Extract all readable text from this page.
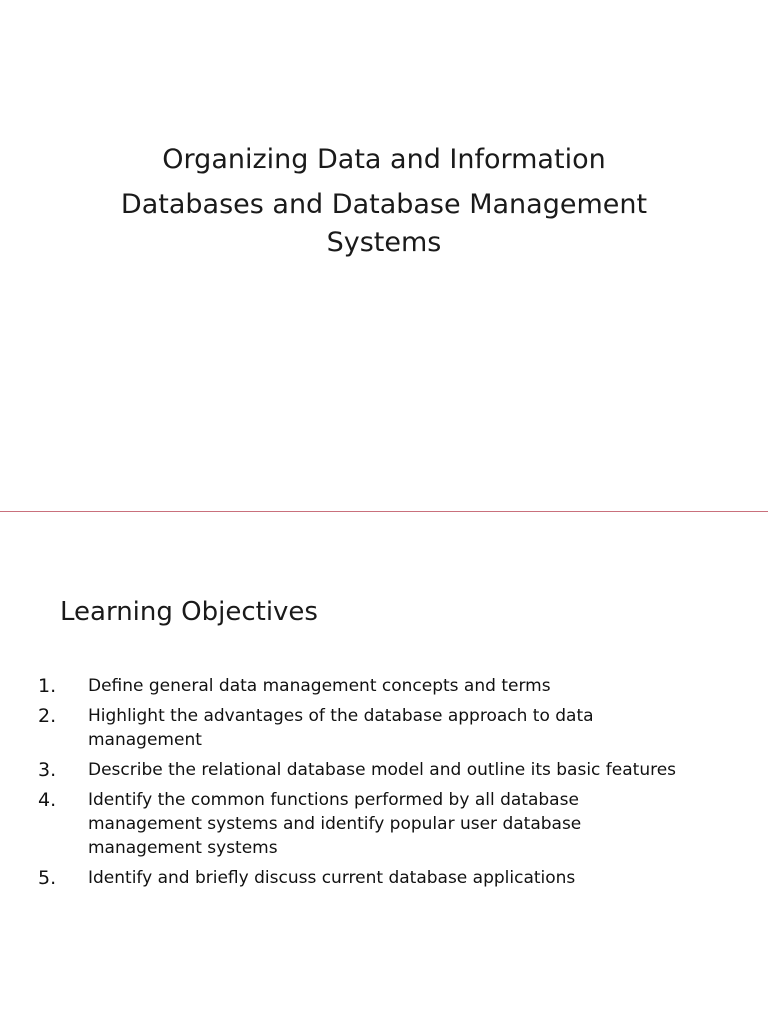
Organizing Data and Information
Databases and Database Management Systems
Learning Objectives
1.	Define general data management concepts and terms
2.	Highlight the advantages of the database approach to data management
3.	Describe the relational database model and outline its basic features
4.	Identify the common functions performed by all database management systems and identify popular user database management systems
5.	Identify and briefly discuss current database applications
